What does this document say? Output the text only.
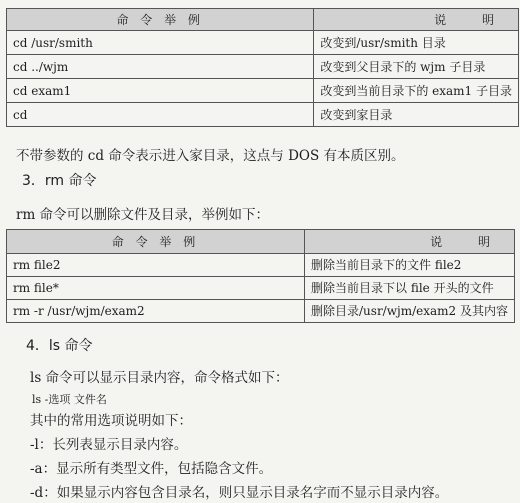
命 令 举 例	说 明
cd /usr/smith	改变到/usr/smith 目录
cd ../wjm	改变到父目录下的 wjm 子目录
cd exam1	改变到当前目录下的 exam1 子目录
cd	改变到家目录
不带参数的 cd 命令表示进入家目录，这点与 DOS 有本质区别。
3．rm 命令
rm 命令可以删除文件及目录，举例如下：
命 令 举 例	说 明
rm file2	删除当前目录下的文件 file2
rm file*	删除当前目录下以 file 开头的文件
rm -r /usr/wjm/exam2	删除目录/usr/wjm/exam2 及其内容
4．ls 命令
ls 命令可以显示目录内容，命令格式如下：
ls -选项 文件名
其中的常用选项说明如下：
-l：长列表显示目录内容。
-a：显示所有类型文件，包括隐含文件。
-d：如果显示内容包含目录名，则只显示目录名字而不显示目录内容。
